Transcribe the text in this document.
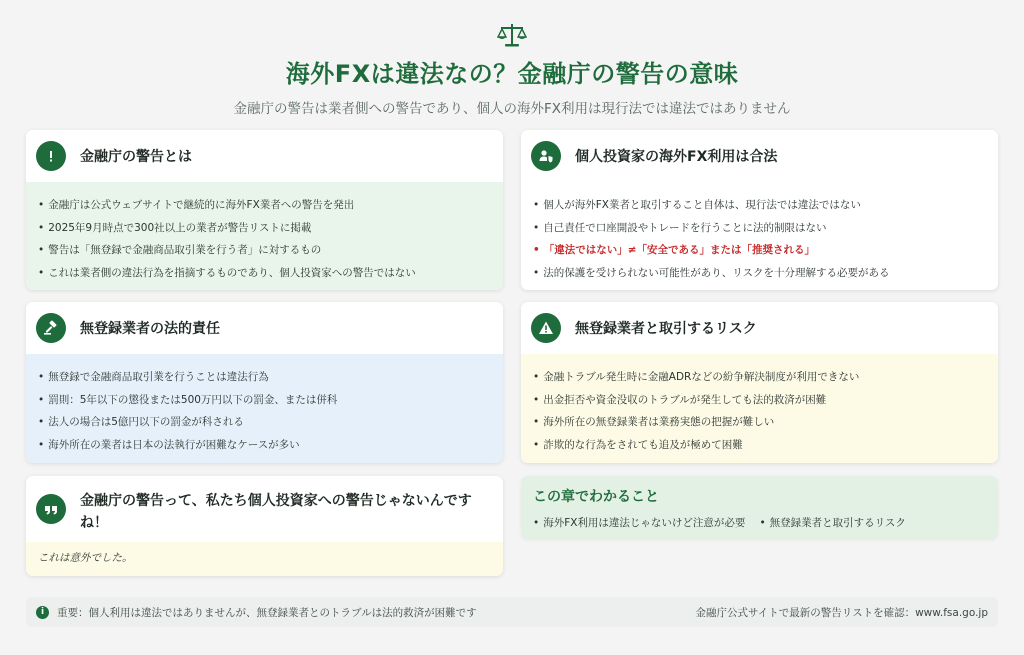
海外FXは違法なの？金融庁の警告の意味
金融庁の警告は業者側への警告であり、個人の海外FX利用は現行法では違法ではありません
金融庁の警告とは
• 金融庁は公式ウェブサイトで継続的に海外FX業者への警告を発出
• 2025年9月時点で300社以上の業者が警告リストに掲載
• 警告は「無登録で金融商品取引業を行う者」に対するもの
• これは業者側の違法行為を指摘するものであり、個人投資家への警告ではない
個人投資家の海外FX利用は合法
• 個人が海外FX業者と取引すること自体は、現行法では違法ではない
• 自己責任で口座開設やトレードを行うことに法的制限はない
• 「違法ではない」≠「安全である」または「推奨される」
• 法的保護を受けられない可能性があり、リスクを十分理解する必要がある
無登録業者の法的責任
• 無登録で金融商品取引業を行うことは違法行為
• 罰則：5年以下の懲役または500万円以下の罰金、または併科
• 法人の場合は5億円以下の罰金が科される
• 海外所在の業者は日本の法執行が困難なケースが多い
無登録業者と取引するリスク
• 金融トラブル発生時に金融ADRなどの紛争解決制度が利用できない
• 出金拒否や資金没収のトラブルが発生しても法的救済が困難
• 海外所在の無登録業者は業務実態の把握が難しい
• 詐欺的な行為をされても追及が極めて困難
金融庁の警告って、私たち個人投資家への警告じゃないんですね！
これは意外でした。
この章でわかること
• 海外FX利用は違法じゃないけど注意が必要
•	無登録業者と取引するリスク
i	重要：個人利用は違法ではありませんが、無登録業者とのトラブルは法的救済が困難です	金融庁公式サイトで最新の警告リストを確認：www.fsa.go.jp
